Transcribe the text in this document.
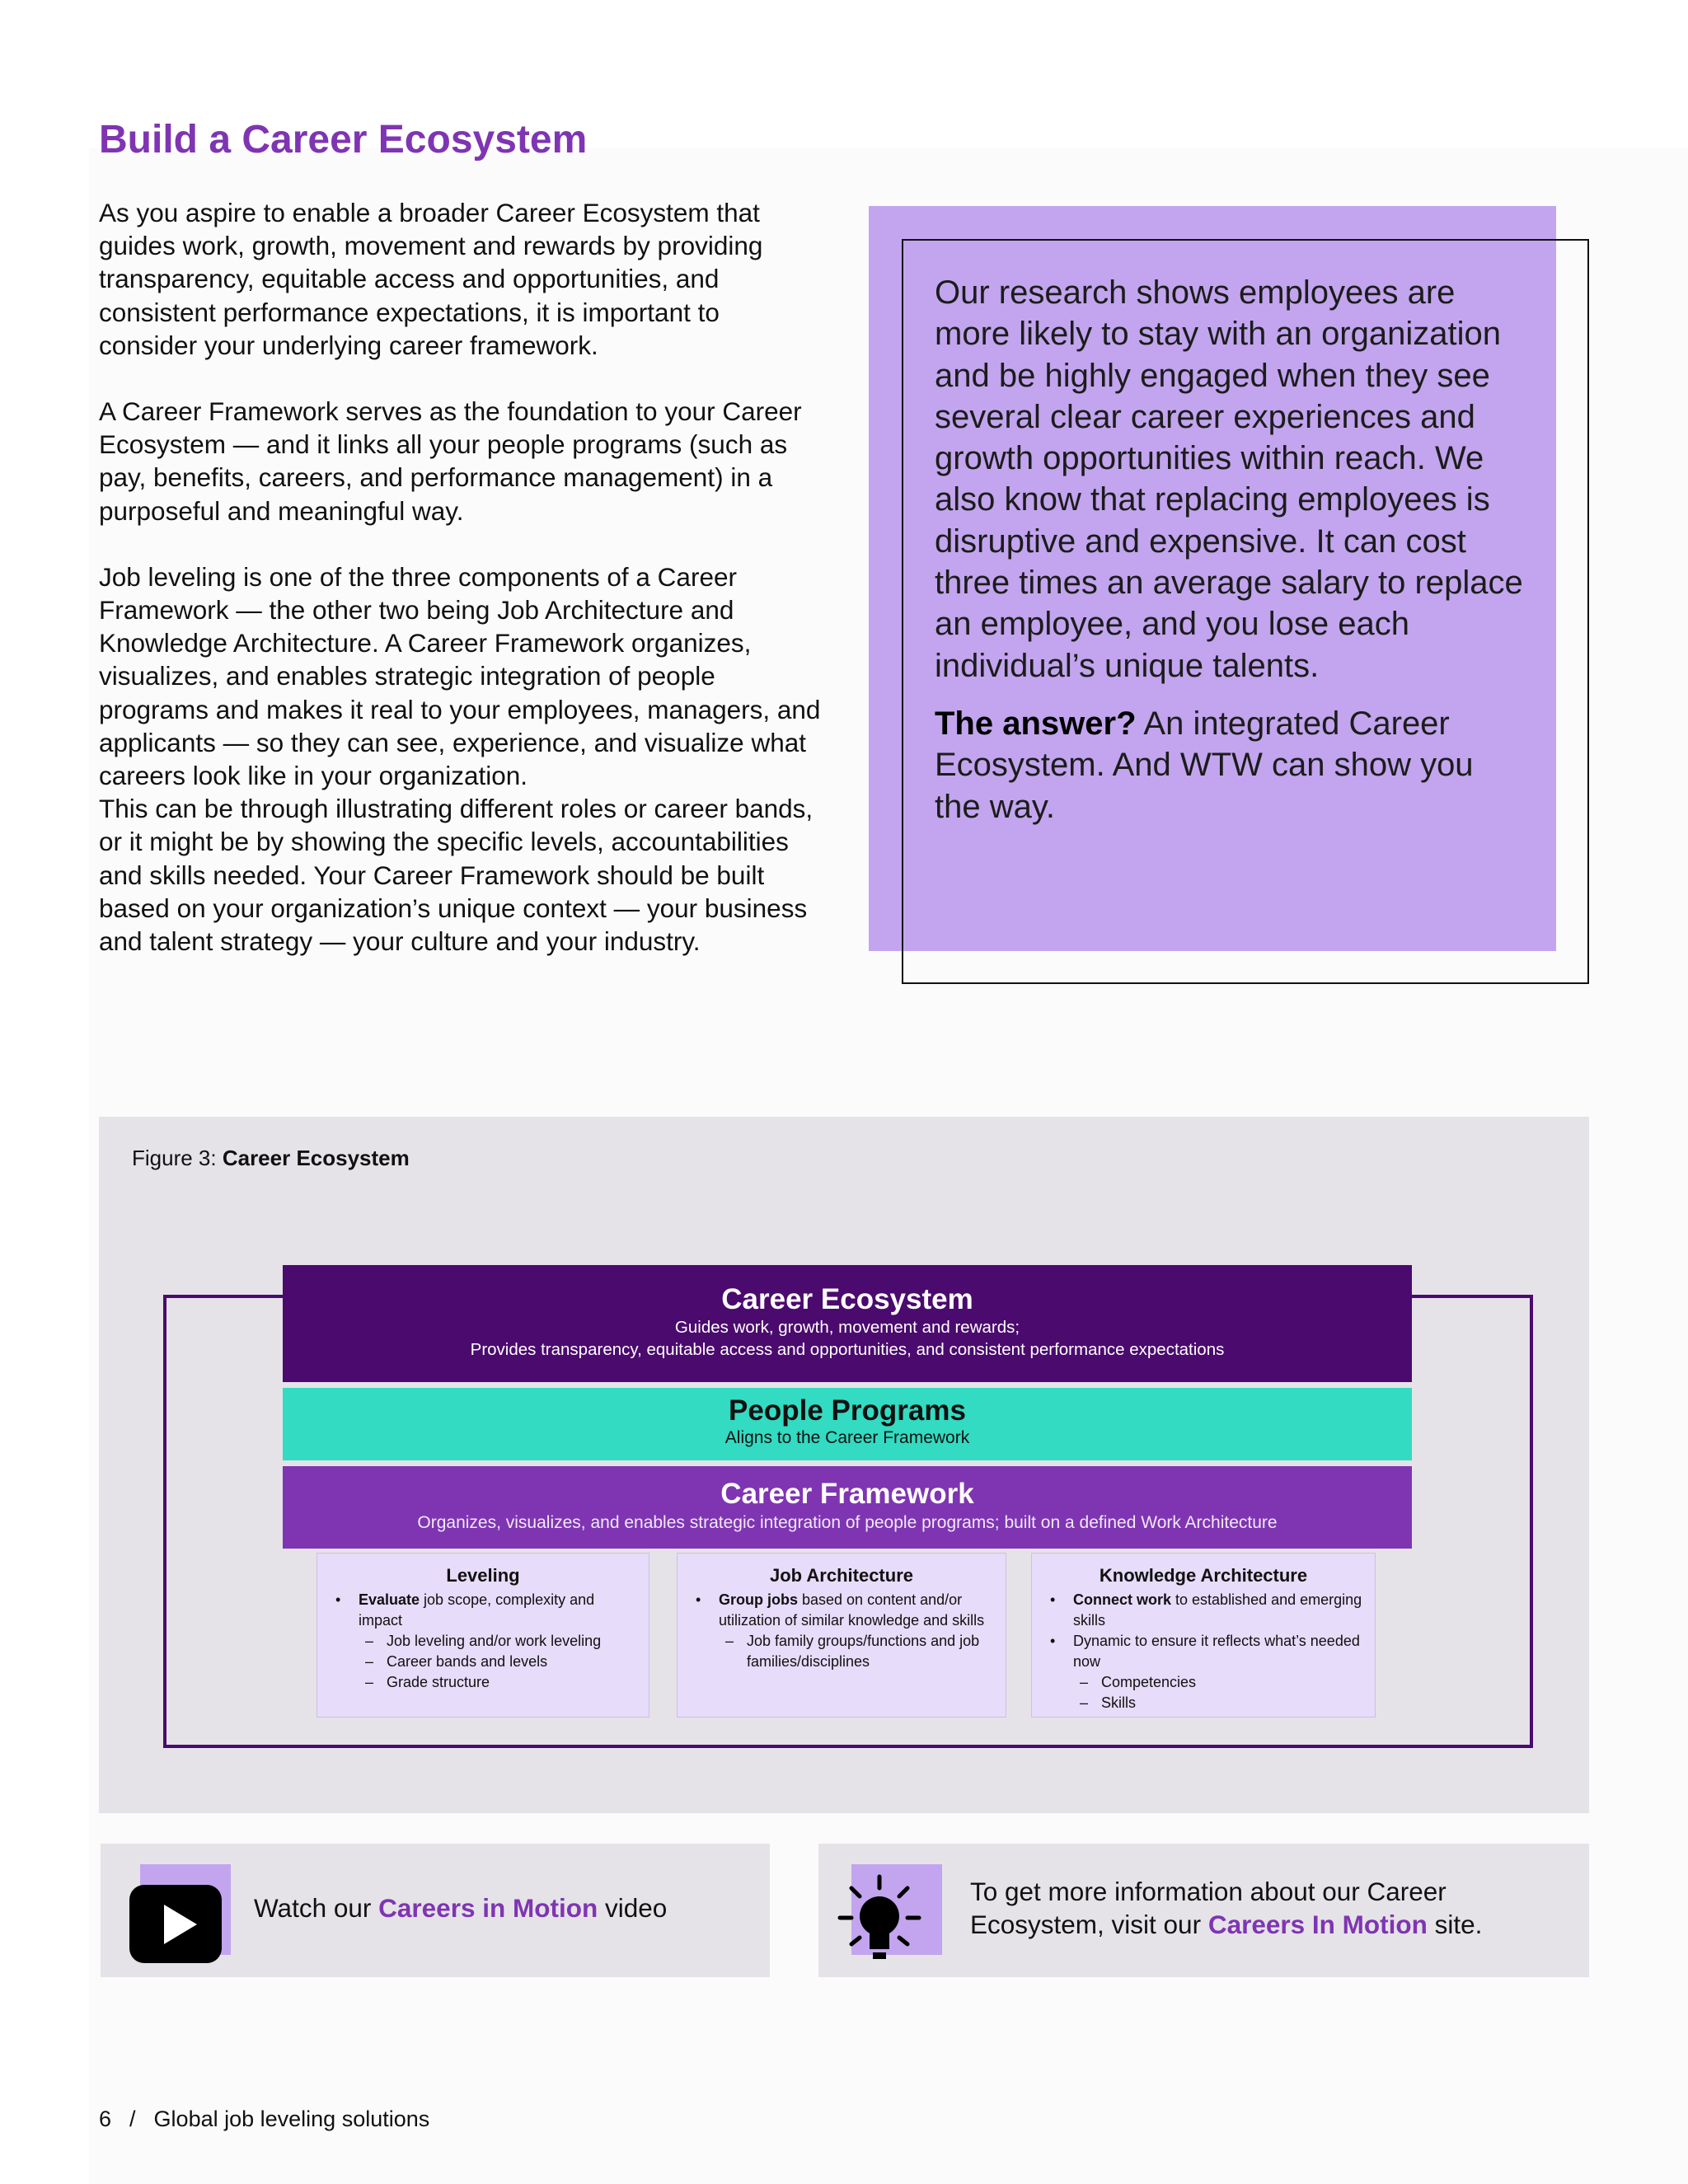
Build a Career Ecosystem

As you aspire to enable a broader Career Ecosystem that guides work, growth, movement and rewards by providing transparency, equitable access and opportunities, and consistent performance expectations, it is important to consider your underlying career framework.

A Career Framework serves as the foundation to your Career Ecosystem — and it links all your people programs (such as pay, benefits, careers, and performance management) in a purposeful and meaningful way.

Job leveling is one of the three components of a Career Framework — the other two being Job Architecture and Knowledge Architecture. A Career Framework organizes, visualizes, and enables strategic integration of people programs and makes it real to your employees, managers, and applicants — so they can see, experience, and visualize what careers look like in your organization.

This can be through illustrating different roles or career bands, or it might be by showing the specific levels, accountabilities and skills needed. Your Career Framework should be built based on your organization’s unique context — your business and talent strategy — your culture and your industry.

Our research shows employees are more likely to stay with an organization and be highly engaged when they see several clear career experiences and growth opportunities within reach. We also know that replacing employees is disruptive and expensive. It can cost three times an average salary to replace an employee, and you lose each individual’s unique talents.

The answer? An integrated Career Ecosystem. And WTW can show you the way.

Figure 3: Career Ecosystem
Career Ecosystem
Guides work, growth, movement and rewards;
Provides transparency, equitable access and opportunities, and consistent performance expectations
People Programs
Aligns to the Career Framework
Career Framework
Organizes, visualizes, and enables strategic integration of people programs; built on a defined Work Architecture
Leveling
• Evaluate job scope, complexity and impact
– Job leveling and/or work leveling
– Career bands and levels
– Grade structure
Job Architecture
• Group jobs based on content and/or utilization of similar knowledge and skills
– Job family groups/functions and job families/disciplines
Knowledge Architecture
• Connect work to established and emerging skills
• Dynamic to ensure it reflects what’s needed now
– Competencies
– Skills
Watch our Careers in Motion video
To get more information about our Career Ecosystem, visit our Careers In Motion site.
6 / Global job leveling solutions
